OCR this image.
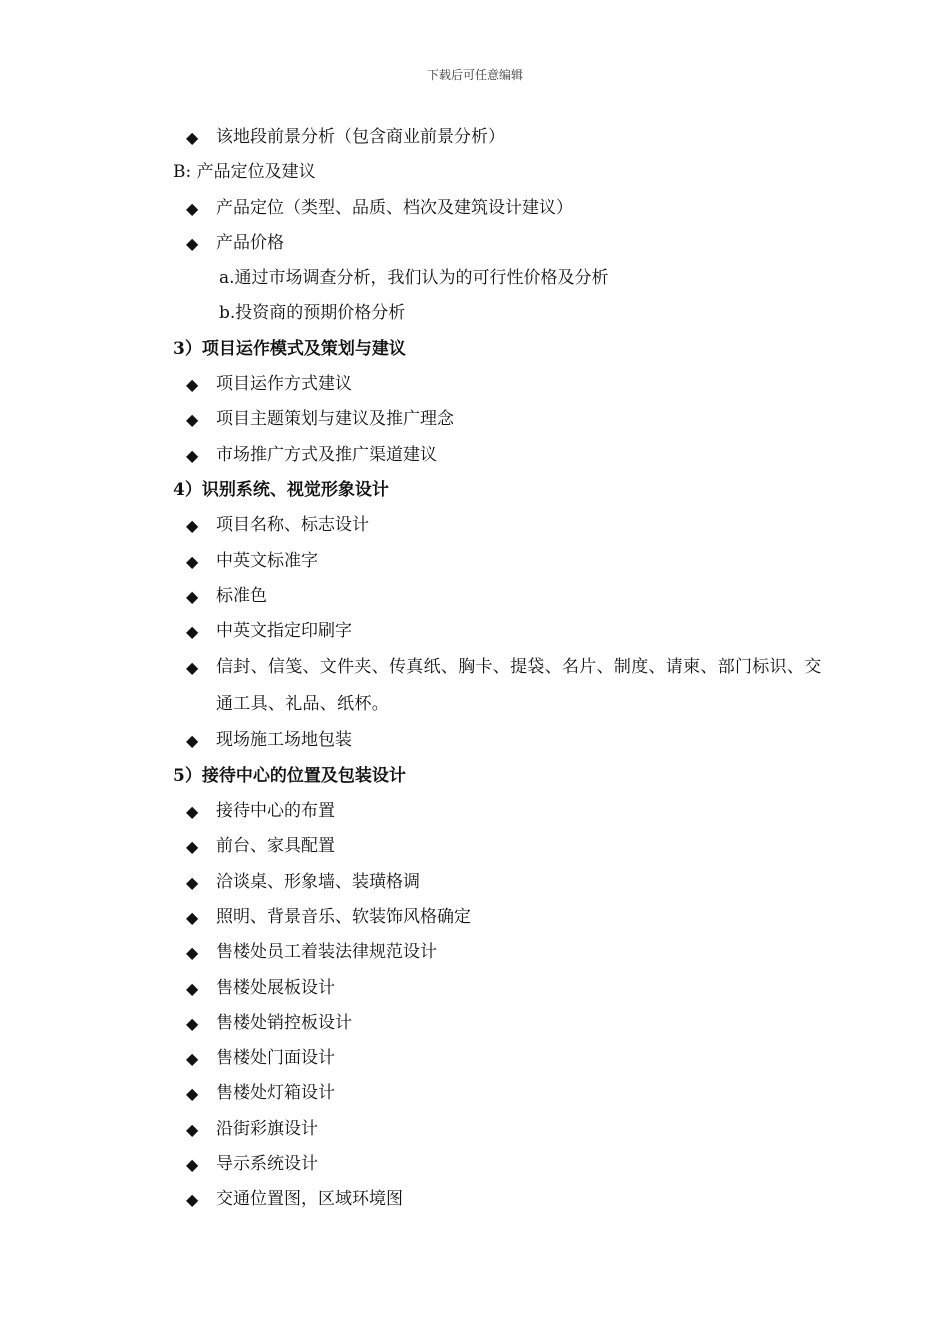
下载后可任意编辑
◆ 该地段前景分析（包含商业前景分析）
B: 产品定位及建议
◆ 产品定位（类型、品质、档次及建筑设计建议）
◆ 产品价格
a.通过市场调查分析，我们认为的可行性价格及分析
b.投资商的预期价格分析
3）项目运作模式及策划与建议
◆ 项目运作方式建议
◆ 项目主题策划与建议及推广理念
◆ 市场推广方式及推广渠道建议
4）识别系统、视觉形象设计
◆ 项目名称、标志设计
◆ 中英文标准字
◆ 标准色
◆ 中英文指定印刷字
◆ 信封、信笺、文件夹、传真纸、胸卡、提袋、名片、制度、请柬、部门标识、交通工具、礼品、纸杯。
◆ 现场施工场地包装
5）接待中心的位置及包装设计
◆ 接待中心的布置
◆ 前台、家具配置
◆ 洽谈桌、形象墙、装璜格调
◆ 照明、背景音乐、软装饰风格确定
◆ 售楼处员工着装法律规范设计
◆ 售楼处展板设计
◆ 售楼处销控板设计
◆ 售楼处门面设计
◆ 售楼处灯箱设计
◆ 沿街彩旗设计
◆ 导示系统设计
◆ 交通位置图，区域环境图
